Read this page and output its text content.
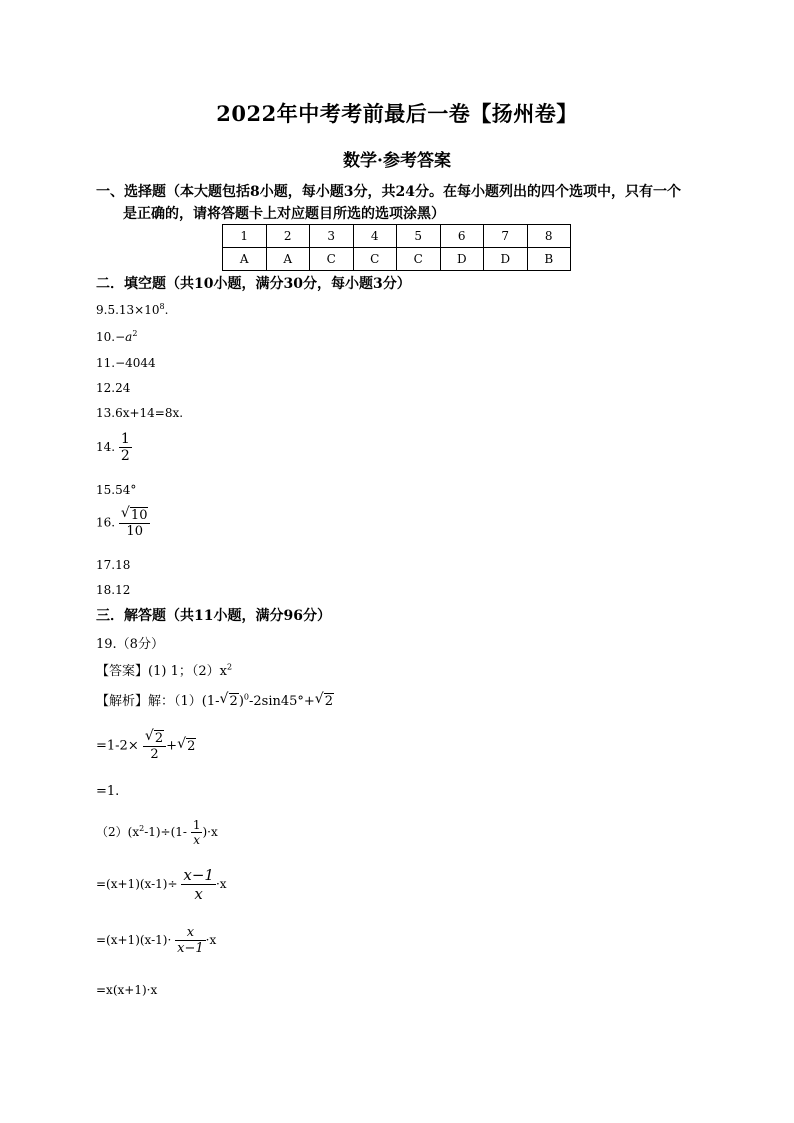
2022年中考考前最后一卷【扬州卷】
数学·参考答案
一、选择题（本大题包括8小题，每小题3分，共24分。在每小题列出的四个选项中，只有一个
是正确的，请将答题卡上对应题目所选的选项涂黑）
1	2	3	4	5	6	7	8
A	A	C	C	C	D	D	B
二．填空题（共10小题，满分30分，每小题3分）
$9.5.13\times 10^8$.
$10.-a^2$
11.−4044
12.24
13.6x+14=8x.
14. $\frac{1}{2}$
15.54°
16. √ $\frac{10}{10}$
17.18
18.12
三．解答题（共11小题，满分96分）
19.（8分）
【答案】(1) 1；$(2)x^2$
【解析】解：（1）(1- √ 2)$^0$-2sin45°+ √ 2
=1-2× √ $\frac{2}{2}$ + √ 2
=1.
$(2)(x^2-1)\div(1- \frac{1}{x} )\cdot x$
$=(x+1)(x-1)\div \frac{x-1}{x} \cdot x$
$=(x+1)(x-1)\cdot \frac{x}{x-1} \cdot x$
=x(x+1)·x
